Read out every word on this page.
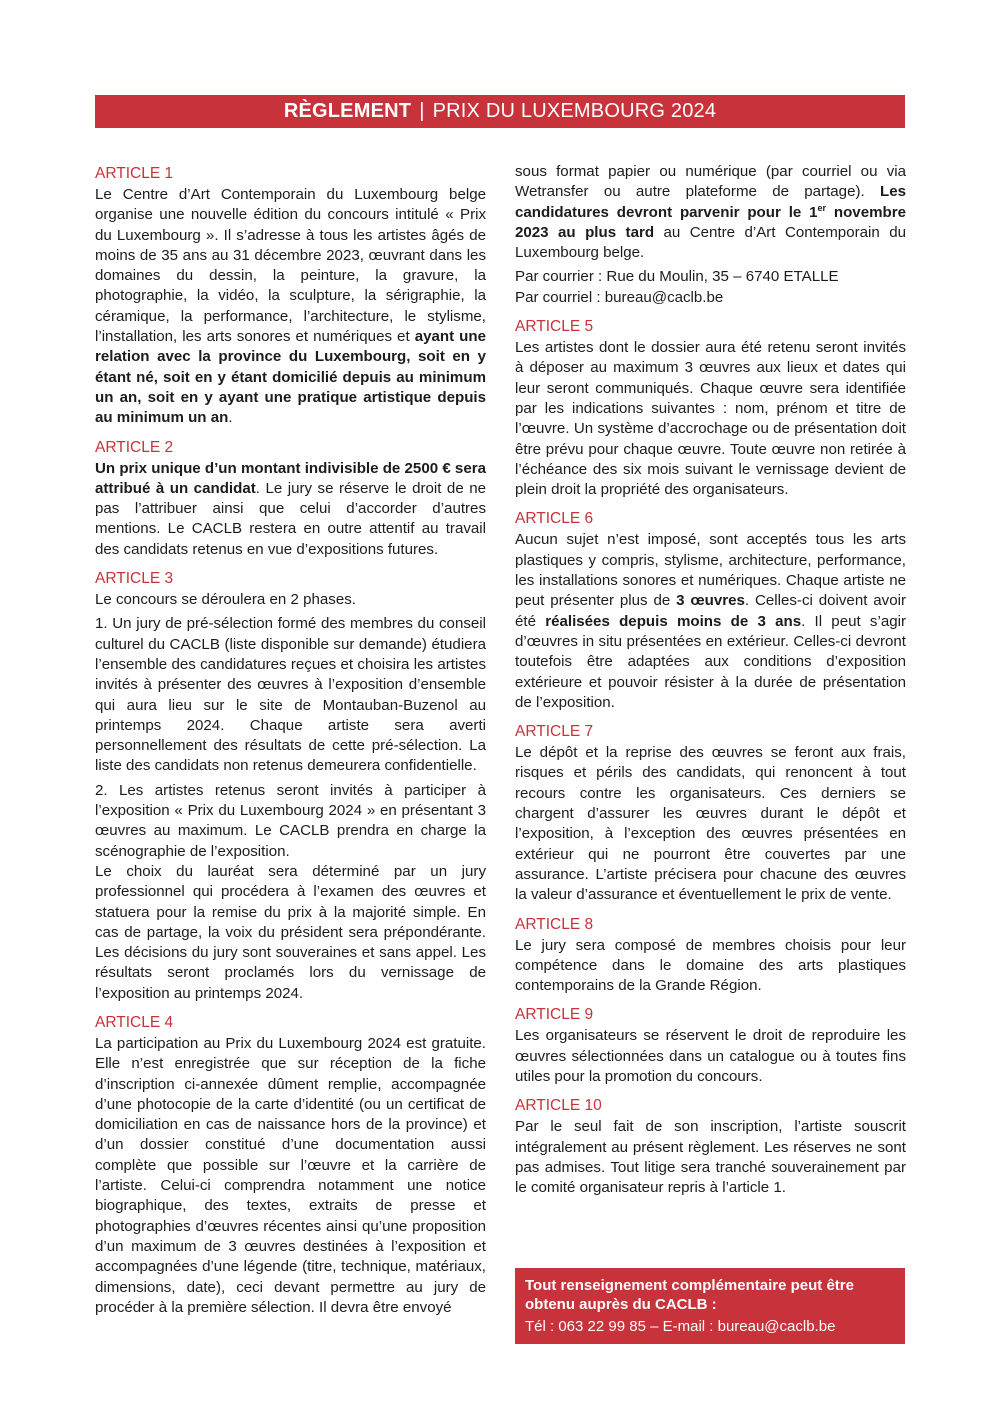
RÈGLEMENT | PRIX DU LUXEMBOURG 2024
ARTICLE 1
Le Centre d’Art Contemporain du Luxembourg belge organise une nouvelle édition du concours intitulé « Prix du Luxembourg ». Il s’adresse à tous les artistes âgés de moins de 35 ans au 31 décembre 2023, œuvrant dans les domaines du dessin, la peinture, la gravure, la photographie, la vidéo, la sculpture, la sérigraphie, la céramique, la performance, l’architecture, le stylisme, l’installation, les arts sonores et numériques et ayant une relation avec la province du Luxembourg, soit en y étant né, soit en y étant domicilié depuis au minimum un an, soit en y ayant une pratique artistique depuis au minimum un an.
ARTICLE 2
Un prix unique d’un montant indivisible de 2500 € sera attribué à un candidat. Le jury se réserve le droit de ne pas l’attribuer ainsi que celui d’accorder d’autres mentions. Le CACLB restera en outre attentif au travail des candidats retenus en vue d’expositions futures.
ARTICLE 3
Le concours se déroulera en 2 phases.
1. Un jury de pré-sélection formé des membres du conseil culturel du CACLB (liste disponible sur demande) étudiera l’ensemble des candidatures reçues et choisira les artistes invités à présenter des œuvres à l’exposition d’ensemble qui aura lieu sur le site de Montauban-Buzenol au printemps 2024. Chaque artiste sera averti personnellement des résultats de cette pré-sélection. La liste des candidats non retenus demeurera confidentielle.
2. Les artistes retenus seront invités à participer à l’exposition « Prix du Luxembourg 2024 » en présentant 3 œuvres au maximum. Le CACLB prendra en charge la scénographie de l’exposition.
Le choix du lauréat sera déterminé par un jury professionnel qui procédera à l’examen des œuvres et statuera pour la remise du prix à la majorité simple. En cas de partage, la voix du président sera prépondérante. Les décisions du jury sont souveraines et sans appel. Les résultats seront proclamés lors du vernissage de l’exposition au printemps 2024.
ARTICLE 4
La participation au Prix du Luxembourg 2024 est gratuite. Elle n’est enregistrée que sur réception de la fiche d’inscription ci-annexée dûment remplie, accompagnée d’une photocopie de la carte d’identité (ou un certificat de domiciliation en cas de naissance hors de la province) et d’un dossier constitué d’une documentation aussi complète que possible sur l’œuvre et la carrière de l’artiste. Celui-ci comprendra notamment une notice biographique, des textes, extraits de presse et photographies d’œuvres récentes ainsi qu’une proposition d’un maximum de 3 œuvres destinées à l’exposition et accompagnées d’une légende (titre, technique, matériaux, dimensions, date), ceci devant permettre au jury de procéder à la première sélection. Il devra être envoyé
sous format papier ou numérique (par courriel ou via Wetransfer ou autre plateforme de partage). Les candidatures devront parvenir pour le 1er novembre 2023 au plus tard au Centre d’Art Contemporain du Luxembourg belge.
Par courrier : Rue du Moulin, 35 – 6740 ETALLE
Par courriel : bureau@caclb.be
ARTICLE 5
Les artistes dont le dossier aura été retenu seront invités à déposer au maximum 3 œuvres aux lieux et dates qui leur seront communiqués. Chaque œuvre sera identifiée par les indications suivantes : nom, prénom et titre de l’œuvre. Un système d’accrochage ou de présentation doit être prévu pour chaque œuvre. Toute œuvre non retirée à l’échéance des six mois suivant le vernissage devient de plein droit la propriété des organisateurs.
ARTICLE 6
Aucun sujet n’est imposé, sont acceptés tous les arts plastiques y compris, stylisme, architecture, performance, les installations sonores et numériques. Chaque artiste ne peut présenter plus de 3 œuvres. Celles-ci doivent avoir été réalisées depuis moins de 3 ans. Il peut s’agir d’œuvres in situ présentées en extérieur. Celles-ci devront toutefois être adaptées aux conditions d’exposition extérieure et pouvoir résister à la durée de présentation de l’exposition.
ARTICLE 7
Le dépôt et la reprise des œuvres se feront aux frais, risques et périls des candidats, qui renoncent à tout recours contre les organisateurs. Ces derniers se chargent d’assurer les œuvres durant le dépôt et l’exposition, à l’exception des œuvres présentées en extérieur qui ne pourront être couvertes par une assurance. L’artiste précisera pour chacune des œuvres la valeur d’assurance et éventuellement le prix de vente.
ARTICLE 8
Le jury sera composé de membres choisis pour leur compétence dans le domaine des arts plastiques contemporains de la Grande Région.
ARTICLE 9
Les organisateurs se réservent le droit de reproduire les œuvres sélectionnées dans un catalogue ou à toutes fins utiles pour la promotion du concours.
ARTICLE 10
Par le seul fait de son inscription, l’artiste souscrit intégralement au présent règlement. Les réserves ne sont pas admises. Tout litige sera tranché souverainement par le comité organisateur repris à l’article 1.
Tout renseignement complémentaire peut être obtenu auprès du CACLB :
Tél : 063 22 99 85 – E-mail : bureau@caclb.be
